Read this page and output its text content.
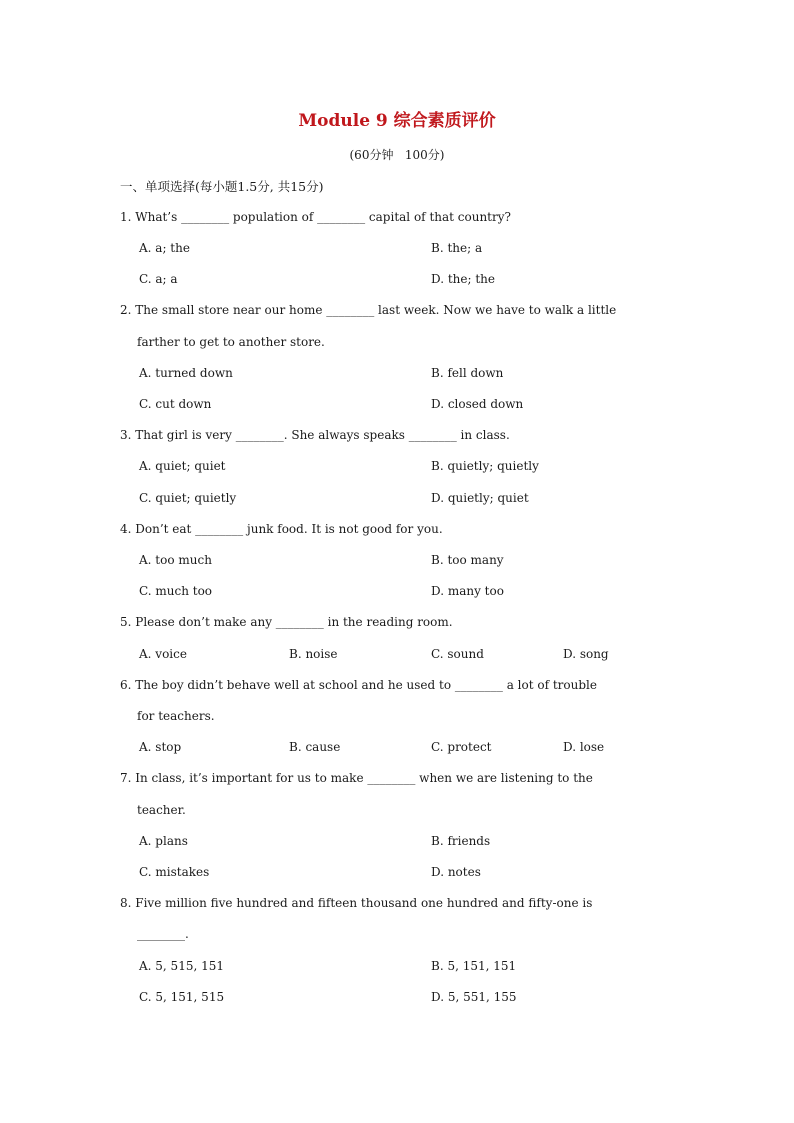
Module 9 综合素质评价
(60分钟   100分)
一、单项选择(每小题1.5分, 共15分)
1. What’s ________ population of ________ capital of that country?
A. a; the	B. the; a
C. a; a	D. the; the
2. The small store near our home ________ last week. Now we have to walk a little
farther to get to another store.
A. turned down	B. fell down
C. cut down	D. closed down
3. That girl is very ________. She always speaks ________ in class.
A. quiet; quiet	B. quietly; quietly
C. quiet; quietly	D. quietly; quiet
4. Don’t eat ________ junk food. It is not good for you.
A. too much	B. too many
C. much too	D. many too
5. Please don’t make any ________ in the reading room.
A. voice	B. noise	C. sound	D. song
6. The boy didn’t behave well at school and he used to ________ a lot of trouble
for teachers.
A. stop	B. cause	C. protect	D. lose
7. In class, it’s important for us to make ________ when we are listening to the
teacher.
A. plans	B. friends
C. mistakes	D. notes
8. Five million five hundred and fifteen thousand one hundred and fifty-one is
________.
A. 5, 515, 151	B. 5, 151, 151
C. 5, 151, 515	D. 5, 551, 155
